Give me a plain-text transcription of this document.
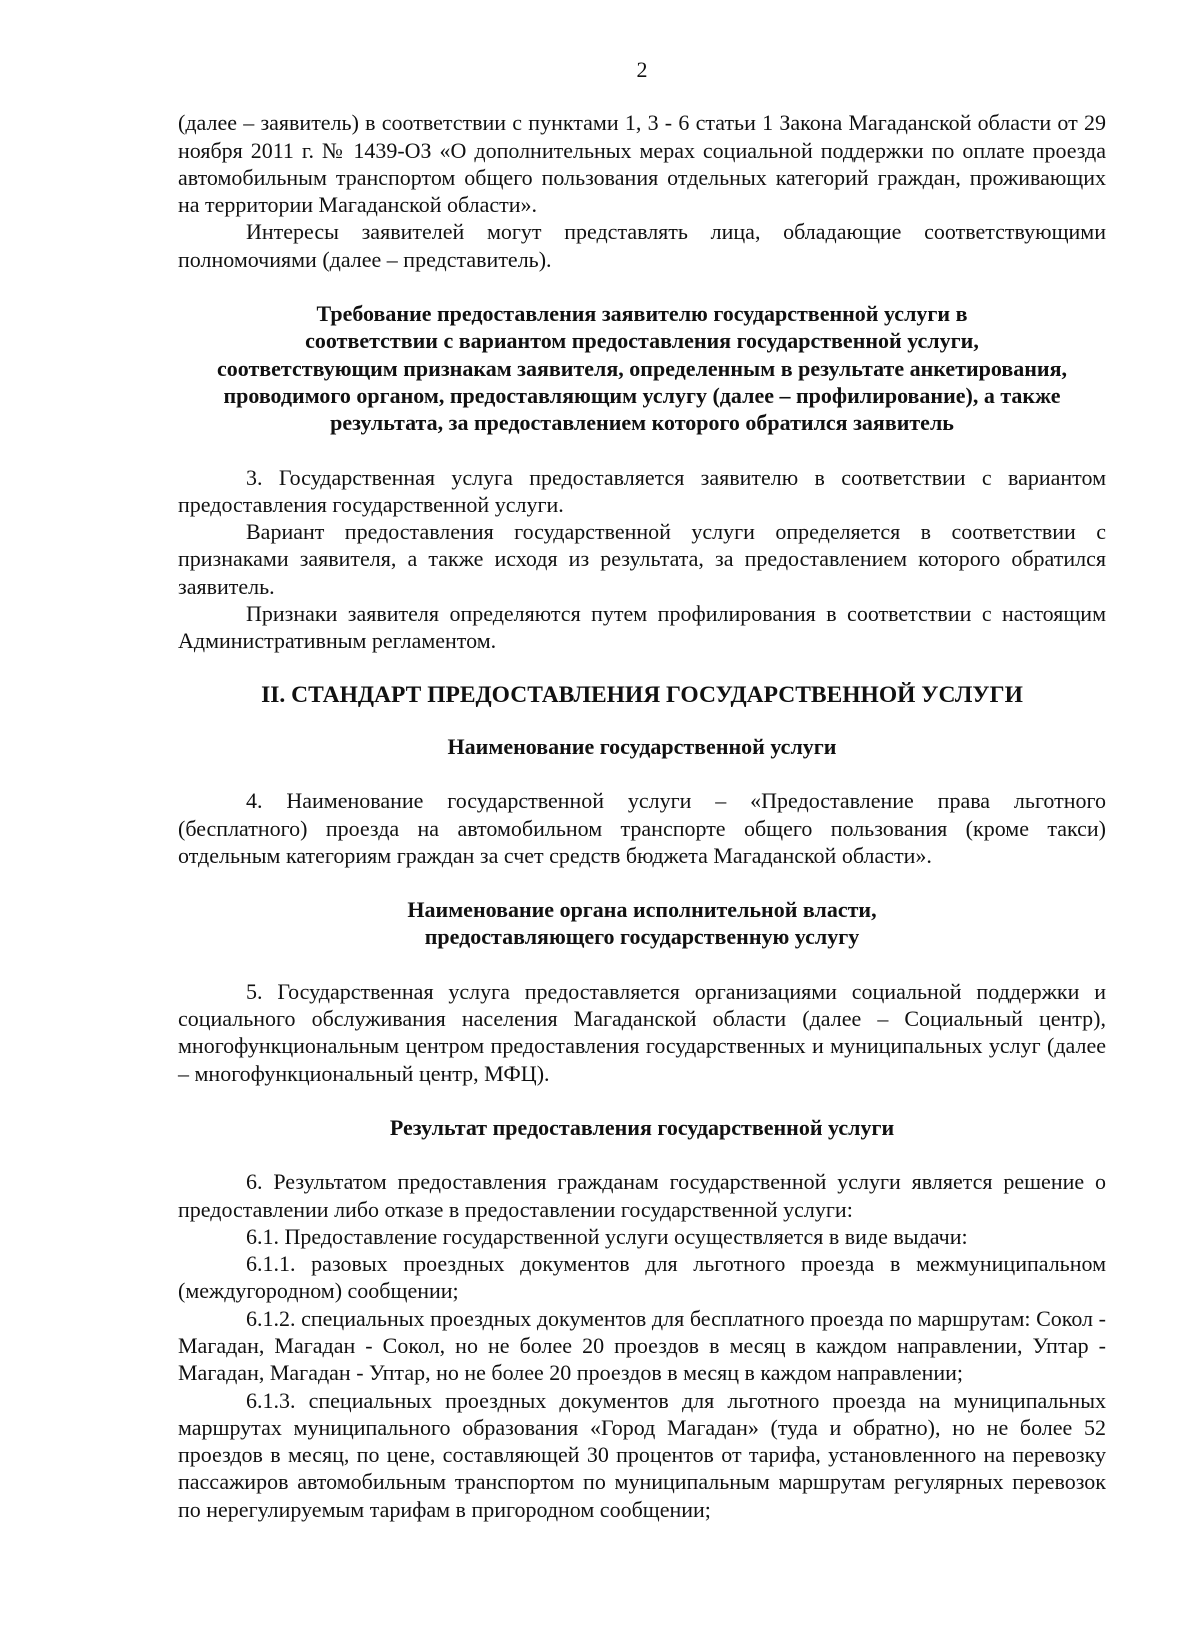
2

(далее – заявитель) в соответствии с пунктами 1, 3 - 6 статьи 1 Закона Магаданской области от 29 ноября 2011 г. № 1439-ОЗ «О дополнительных мерах социальной поддержки по оплате проезда автомобильным транспортом общего пользования отдельных категорий граждан, проживающих на территории Магаданской области».

Интересы заявителей могут представлять лица, обладающие соответствующими полномочиями (далее – представитель).

Требование предоставления заявителю государственной услуги в
соответствии с вариантом предоставления государственной услуги,
соответствующим признакам заявителя, определенным в результате анкетирования,
проводимого органом, предоставляющим услугу (далее – профилирование), а также
результата, за предоставлением которого обратился заявитель

3. Государственная услуга предоставляется заявителю в соответствии с вариантом предоставления государственной услуги.

Вариант предоставления государственной услуги определяется в соответствии с признаками заявителя, а также исходя из результата, за предоставлением которого обратился заявитель.

Признаки заявителя определяются путем профилирования в соответствии с настоящим Административным регламентом.

II. СТАНДАРТ ПРЕДОСТАВЛЕНИЯ ГОСУДАРСТВЕННОЙ УСЛУГИ
Наименование государственной услуги

4. Наименование государственной услуги – «Предоставление права льготного (бесплатного) проезда на автомобильном транспорте общего пользования (кроме такси) отдельным категориям граждан за счет средств бюджета Магаданской области».

Наименование органа исполнительной власти,
предоставляющего государственную услугу

5. Государственная услуга предоставляется организациями социальной поддержки и социального обслуживания населения Магаданской области (далее – Социальный центр), многофункциональным центром предоставления государственных и муниципальных услуг (далее – многофункциональный центр, МФЦ).

Результат предоставления государственной услуги

6. Результатом предоставления гражданам государственной услуги является решение о предоставлении либо отказе в предоставлении государственной услуги:

6.1. Предоставление государственной услуги осуществляется в виде выдачи:

6.1.1. разовых проездных документов для льготного проезда в межмуниципальном (междугородном) сообщении;

6.1.2. специальных проездных документов для бесплатного проезда по маршрутам: Сокол - Магадан, Магадан - Сокол, но не более 20 проездов в месяц в каждом направлении, Уптар - Магадан, Магадан - Уптар, но не более 20 проездов в месяц в каждом направлении;

6.1.3. специальных проездных документов для льготного проезда на муниципальных маршрутах муниципального образования «Город Магадан» (туда и обратно), но не более 52 проездов в месяц, по цене, составляющей 30 процентов от тарифа, установленного на перевозку пассажиров автомобильным транспортом по муниципальным маршрутам регулярных перевозок по нерегулируемым тарифам в пригородном сообщении;
